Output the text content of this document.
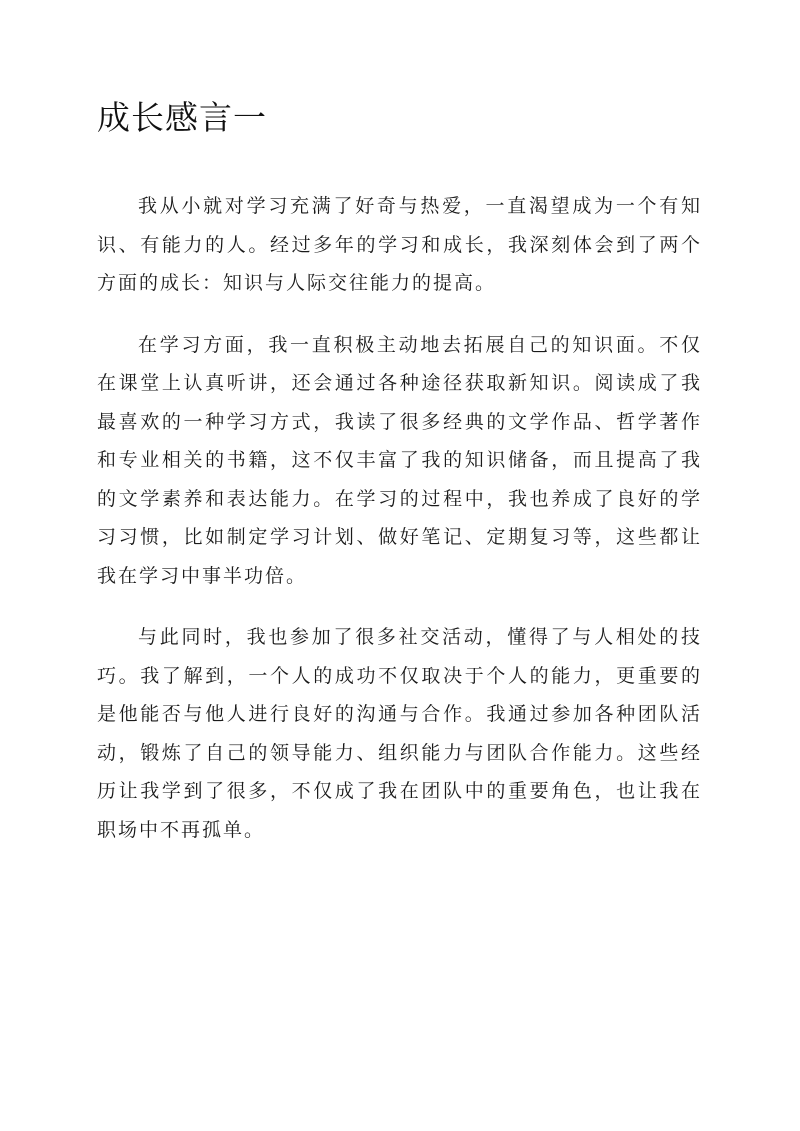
成长感言一

我从小就对学习充满了好奇与热爱，一直渴望成为一个有知识、有能力的人。经过多年的学习和成长，我深刻体会到了两个方面的成长：知识与人际交往能力的提高。

在学习方面，我一直积极主动地去拓展自己的知识面。不仅在课堂上认真听讲，还会通过各种途径获取新知识。阅读成了我最喜欢的一种学习方式，我读了很多经典的文学作品、哲学著作和专业相关的书籍，这不仅丰富了我的知识储备，而且提高了我的文学素养和表达能力。在学习的过程中，我也养成了良好的学习习惯，比如制定学习计划、做好笔记、定期复习等，这些都让我在学习中事半功倍。

与此同时，我也参加了很多社交活动，懂得了与人相处的技巧。我了解到，一个人的成功不仅取决于个人的能力，更重要的是他能否与他人进行良好的沟通与合作。我通过参加各种团队活动，锻炼了自己的领导能力、组织能力与团队合作能力。这些经历让我学到了很多，不仅成了我在团队中的重要角色，也让我在职场中不再孤单。
